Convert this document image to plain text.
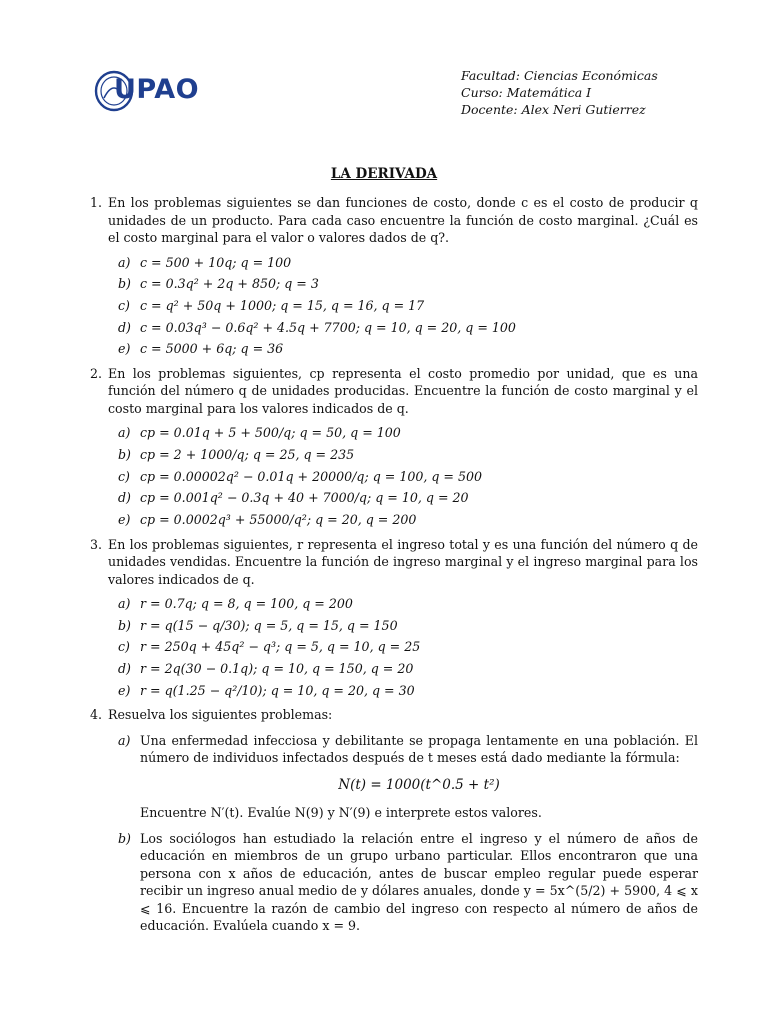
UPAO	Facultad: Ciencias Económicas
Curso: Matemática I
Docente: Alex Neri Gutierrez
LA DERIVADA
1. En los problemas siguientes se dan funciones de costo, donde c es el costo de producir q unidades de un producto. Para cada caso encuentre la función de costo marginal. ¿Cuál es el costo marginal para el valor o valores dados de q?.
a) c = 500 + 10q; q = 100
b) c = 0.3q² + 2q + 850; q = 3
c) c = q² + 50q + 1000; q = 15, q = 16, q = 17
d) c = 0.03q³ − 0.6q² + 4.5q + 7700; q = 10, q = 20, q = 100
e) c = 5000 + 6q; q = 36
2. En los problemas siguientes, cp representa el costo promedio por unidad, que es una función del número q de unidades producidas. Encuentre la función de costo marginal y el costo marginal para los valores indicados de q.
a) cp = 0.01q + 5 + 500/q; q = 50, q = 100
b) cp = 2 + 1000/q; q = 25, q = 235
c) cp = 0.00002q² − 0.01q + 20000/q; q = 100, q = 500
d) cp = 0.001q² − 0.3q + 40 + 7000/q; q = 10, q = 20
e) cp = 0.0002q³ + 55000/q²; q = 20, q = 200
3. En los problemas siguientes, r representa el ingreso total y es una función del número q de unidades vendidas. Encuentre la función de ingreso marginal y el ingreso marginal para los valores indicados de q.
a) r = 0.7q; q = 8, q = 100, q = 200
b) r = q(15 − q/30); q = 5, q = 15, q = 150
c) r = 250q + 45q² − q³; q = 5, q = 10, q = 25
d) r = 2q(30 − 0.1q); q = 10, q = 150, q = 20
e) r = q(1.25 − q²/10); q = 10, q = 20, q = 30
4. Resuelva los siguientes problemas:
a) Una enfermedad infecciosa y debilitante se propaga lentamente en una población. El número de individuos infectados después de t meses está dado mediante la fórmula:
N(t) = 1000(t^0.5 + t²)
Encuentre N′(t). Evalúe N(9) y N′(9) e interprete estos valores.
b) Los sociólogos han estudiado la relación entre el ingreso y el número de años de educación en miembros de un grupo urbano particular. Ellos encontraron que una persona con x años de educación, antes de buscar empleo regular puede esperar recibir un ingreso anual medio de y dólares anuales, donde y = 5x^(5/2) + 5900, 4 ⩽ x ⩽ 16. Encuentre la razón de cambio del ingreso con respecto al número de años de educación. Evalúela cuando x = 9.
